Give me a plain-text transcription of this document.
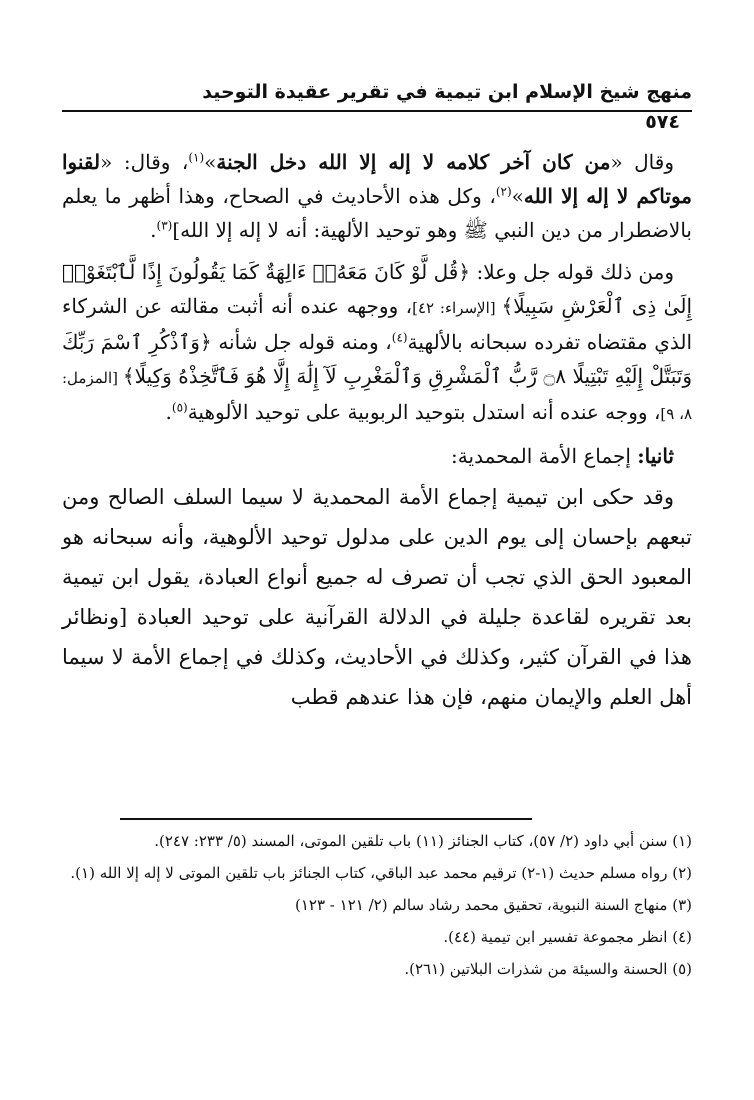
منهج شيخ الإسلام ابن تيمية في تقرير عقيدة التوحيد
٥٧٤

وقال «من كان آخر كلامه لا إله إلا الله دخل الجنة»$^{(١)}$، وقال: «لقنوا موتاكم لا إله إلا الله»$^{(٢)}$، وكل هذه الأحاديث في الصحاح، وهذا أظهر ما يعلم بالاضطرار من دين النبي ﷺ وهو توحيد الألهية: أنه لا إله إلا الله]$^{(٣)}$.

ومن ذلك قوله جل وعلا: ﴿قُل لَّوْ كَانَ مَعَهُۥٓ ءَالِهَةٌ كَمَا يَقُولُونَ إِذًا لَّٱبْتَغَوْا۟ إِلَىٰ ذِى ٱلْعَرْشِ سَبِيلًا﴾ [الإسراء: ٤٢]، ووجهه عنده أنه أثبت مقالته عن الشركاء الذي مقتضاه تفرده سبحانه بالألهية$^{(٤)}$، ومنه قوله جل شأنه ﴿وَٱذْكُرِ ٱسْمَ رَبِّكَ وَتَبَتَّلْ إِلَيْهِ تَبْتِيلًا ۝٨ رَّبُّ ٱلْمَشْرِقِ وَٱلْمَغْرِبِ لَآ إِلَٰهَ إِلَّا هُوَ فَٱتَّخِذْهُ وَكِيلًا﴾ [المزمل: ٨، ٩]، ووجه عنده أنه استدل بتوحيد الربوبية على توحيد الألوهية$^{(٥)}$.

ثانيا: إجماع الأمة المحمدية:

وقد حكى ابن تيمية إجماع الأمة المحمدية لا سيما السلف الصالح ومن تبعهم بإحسان إلى يوم الدين على مدلول توحيد الألوهية، وأنه سبحانه هو المعبود الحق الذي تجب أن تصرف له جميع أنواع العبادة، يقول ابن تيمية بعد تقريره لقاعدة جليلة في الدلالة القرآنية على توحيد العبادة [ونظائر هذا في القرآن كثير، وكذلك في الأحاديث، وكذلك في إجماع الأمة لا سيما أهل العلم والإيمان منهم، فإن هذا عندهم قطب

(١) سنن أبي داود (٢/ ٥٧)، كتاب الجنائز (١١) باب تلقين الموتى، المسند (٥/ ٢٣٣: ٢٤٧).

(٢) رواه مسلم حديث (١-٢) ترقيم محمد عبد الباقي، كتاب الجنائز باب تلقين الموتى لا إله إلا الله (١).

(٣) منهاج السنة النبوية، تحقيق محمد رشاد سالم (٢/ ١٢١ - ١٢٣)

(٤) انظر مجموعة تفسير ابن تيمية (٤٤).

(٥) الحسنة والسيئة من شذرات البلاتين (٢٦١).
